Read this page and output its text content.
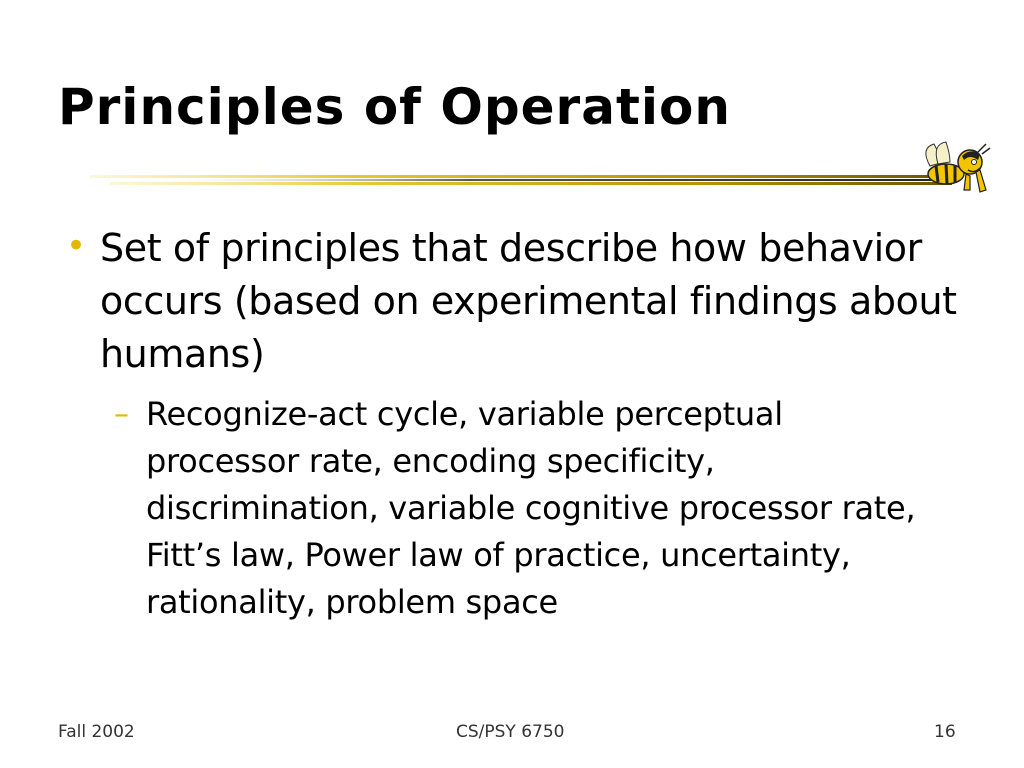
Principles of Operation
• Set of principles that describe how behavior occurs (based on experimental findings about humans)
– Recognize-act cycle, variable perceptual processor rate, encoding specificity, discrimination, variable cognitive processor rate, Fitt’s law, Power law of practice, uncertainty, rationality, problem space
Fall 2002	CS/PSY 6750	16
